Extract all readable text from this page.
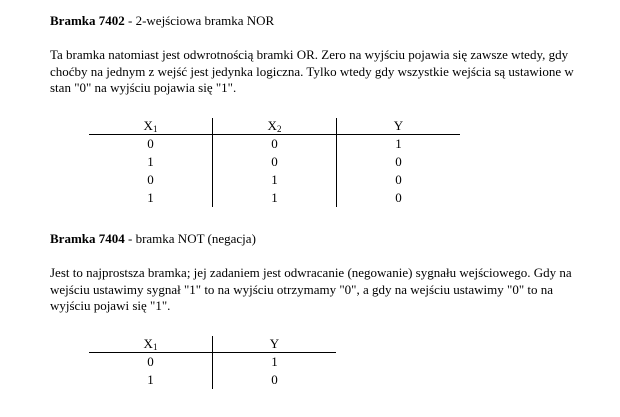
Bramka 7402 - 2-wejściowa bramka NOR
Ta bramka natomiast jest odwrotnością bramki OR. Zero na wyjściu pojawia się zawsze wtedy, gdy choćby na jednym z wejść jest jedynka logiczna. Tylko wtedy gdy wszystkie wejścia są ustawione w stan "0" na wyjściu pojawia się "1".
$X_1$	$X_2$	Y
0	0	1
1	0	0
0	1	0
1	1	0
Bramka 7404 - bramka NOT (negacja)
Jest to najprostsza bramka; jej zadaniem jest odwracanie (negowanie) sygnału wejściowego. Gdy na wejściu ustawimy sygnał "1" to na wyjściu otrzymamy "0", a gdy na wejściu ustawimy "0" to na wyjściu pojawi się "1".
$X_1$	Y
0	1
1	0
